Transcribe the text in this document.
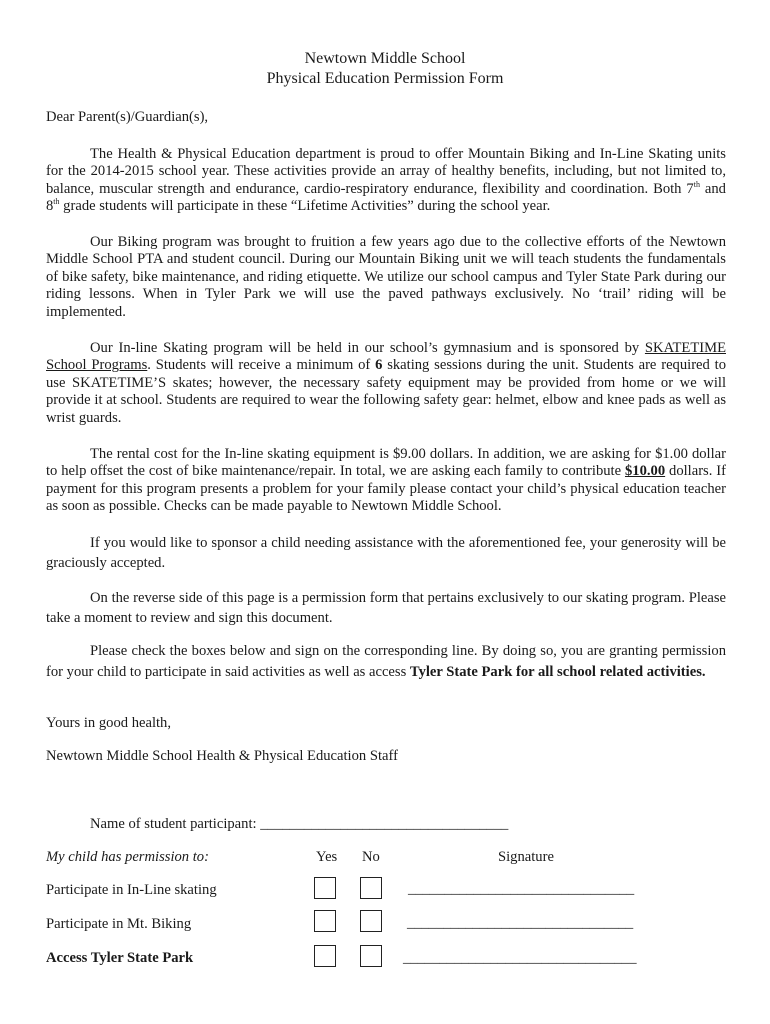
Newtown Middle School
Physical Education Permission Form
Dear Parent(s)/Guardian(s),

The Health & Physical Education department is proud to offer Mountain Biking and In-Line Skating units for the 2014-2015 school year. These activities provide an array of healthy benefits, including, but not limited to, balance, muscular strength and endurance, cardio-respiratory endurance, flexibility and coordination. Both 7th and 8th grade students will participate in these “Lifetime Activities” during the school year.

Our Biking program was brought to fruition a few years ago due to the collective efforts of the Newtown Middle School PTA and student council. During our Mountain Biking unit we will teach students the fundamentals of bike safety, bike maintenance, and riding etiquette. We utilize our school campus and Tyler State Park during our riding lessons. When in Tyler Park we will use the paved pathways exclusively. No ‘trail’ riding will be implemented.

Our In-line Skating program will be held in our school’s gymnasium and is sponsored by SKATETIME School Programs. Students will receive a minimum of 6 skating sessions during the unit. Students are required to use SKATETIME’S skates; however, the necessary safety equipment may be provided from home or we will provide it at school. Students are required to wear the following safety gear: helmet, elbow and knee pads as well as wrist guards.

The rental cost for the In-line skating equipment is $9.00 dollars. In addition, we are asking for $1.00 dollar to help offset the cost of bike maintenance/repair. In total, we are asking each family to contribute $10.00 dollars. If payment for this program presents a problem for your family please contact your child’s physical education teacher as soon as possible. Checks can be made payable to Newtown Middle School.

If you would like to sponsor a child needing assistance with the aforementioned fee, your generosity will be graciously accepted.

On the reverse side of this page is a permission form that pertains exclusively to our skating program. Please take a moment to review and sign this document.

Please check the boxes below and sign on the corresponding line. By doing so, you are granting permission for your child to participate in said activities as well as access Tyler State Park for all school related activities.

Yours in good health,
Newtown Middle School Health & Physical Education Staff
Name of student participant: __________________________________
My child has permission to:	Yes No	Signature
Participate in In-Line skating	_______________________________
Participate in Mt. Biking	_______________________________
Access Tyler State Park	________________________________
